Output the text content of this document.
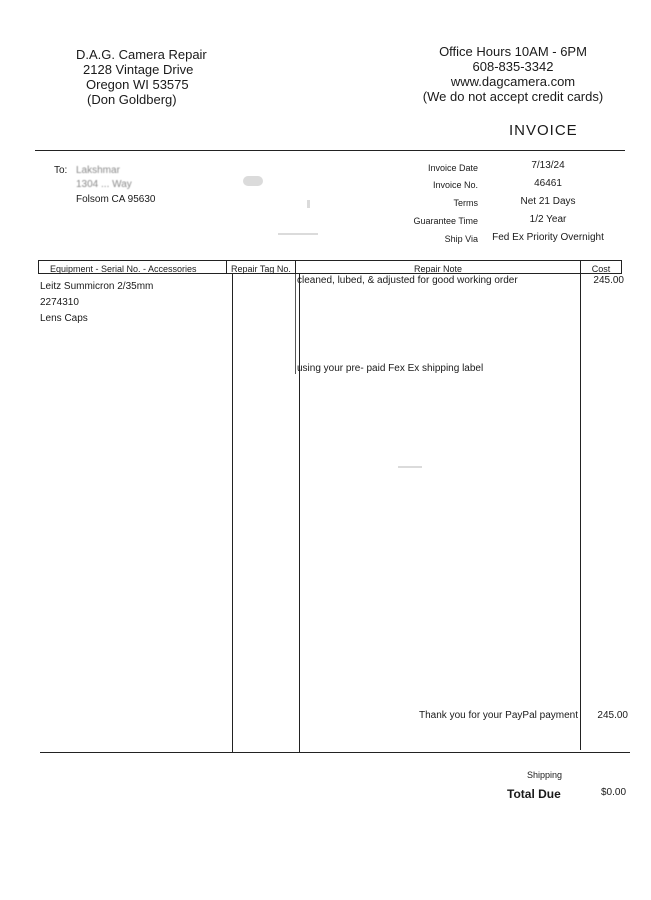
D.A.G. Camera Repair
2128 Vintage Drive
Oregon WI 53575
(Don Goldberg)
Office Hours 10AM - 6PM
608-835-3342
www.dagcamera.com
(We do not accept credit cards)
INVOICE
To: Lakshmar
1304 ... Way
Folsom CA 95630
Invoice Date	7/13/24
Invoice No.	46461
Terms	Net 21 Days
Guarantee Time	1/2 Year
Ship Via	Fed Ex Priority Overnight
Equipment - Serial No. - Accessories	Repair Tag No.	Repair Note	Cost
Leitz Summicron 2/35mm
2274310
Lens Caps
cleaned, lubed, & adjusted for good working order	245.00
using your pre- paid Fex Ex shipping label
Thank you for your PayPal payment	245.00
Shipping
Total Due	$0.00
